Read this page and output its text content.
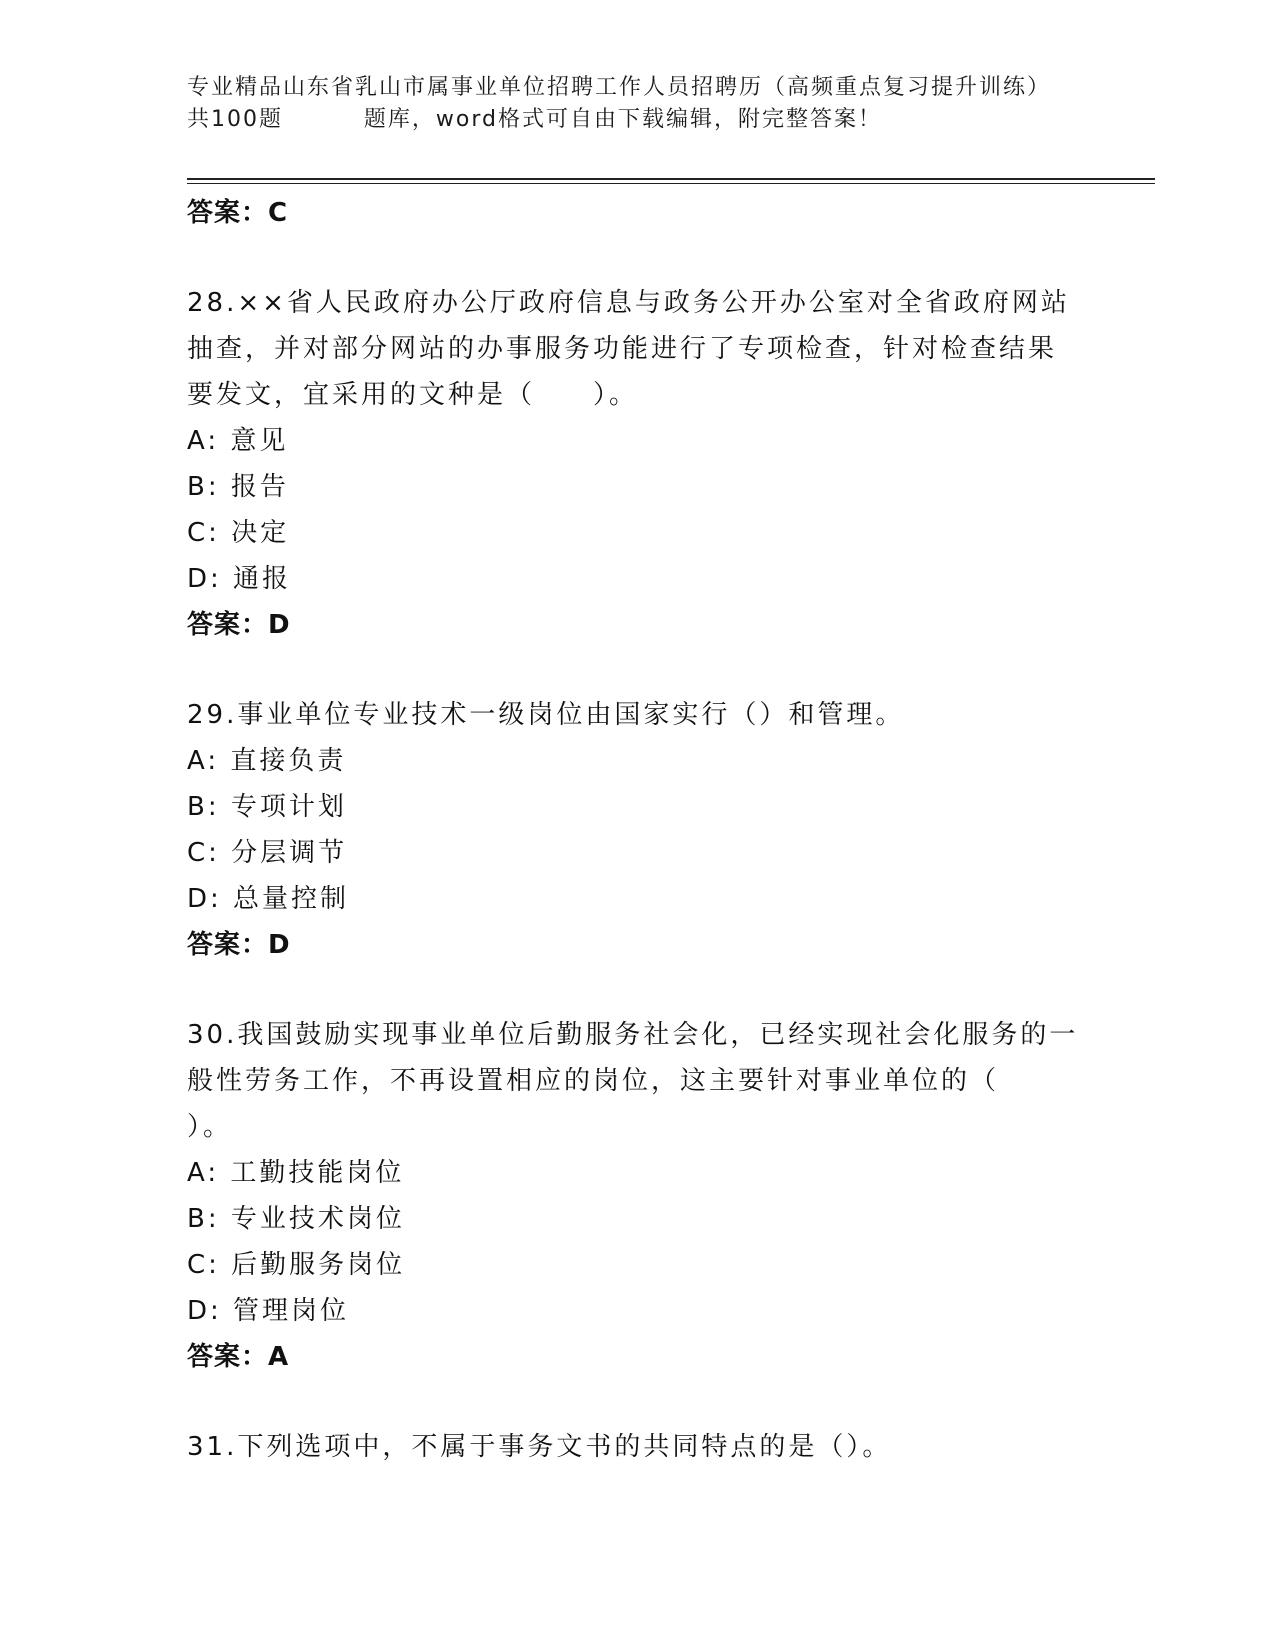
专业精品山东省乳山市属事业单位招聘工作人员招聘历（高频重点复习提升训练）
共100题         题库，word格式可自由下载编辑，附完整答案！

答案：C

28.××省人民政府办公厅政府信息与政务公开办公室对全省政府网站

抽查，并对部分网站的办事服务功能进行了专项检查，针对检查结果

要发文，宜采用的文种是（　　）。

A: 意见

B: 报告

C: 决定

D: 通报

答案：D

29.事业单位专业技术一级岗位由国家实行（）和管理。

A: 直接负责

B: 专项计划

C: 分层调节

D: 总量控制

答案：D

30.我国鼓励实现事业单位后勤服务社会化，已经实现社会化服务的一

般性劳务工作，不再设置相应的岗位，这主要针对事业单位的（

）。

A: 工勤技能岗位

B: 专业技术岗位

C: 后勤服务岗位

D: 管理岗位

答案：A

31.下列选项中，不属于事务文书的共同特点的是（）。
